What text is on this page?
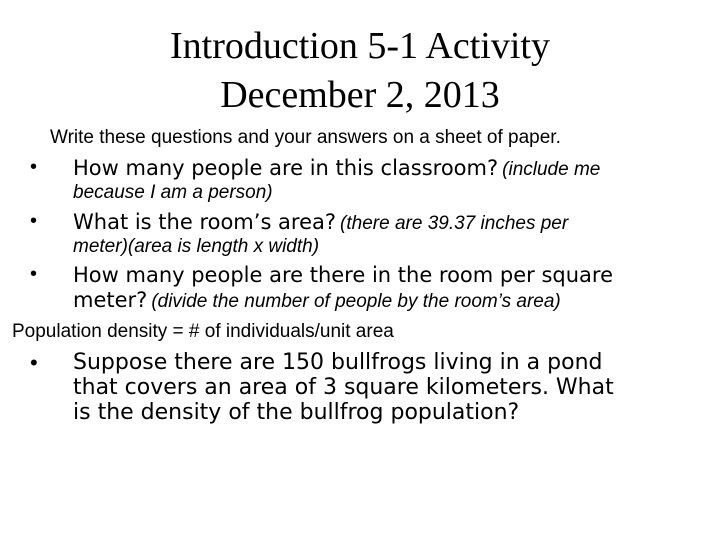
Introduction 5-1 Activity
December 2, 2013
Write these questions and your answers on a sheet of paper.
• How many people are in this classroom? (include me
because I am a person)
• What is the room’s area? (there are 39.37 inches per
meter)(area is length x width)
• How many people are there in the room per square
meter? (divide the number of people by the room’s area)
Population density = # of individuals/unit area
• Suppose there are 150 bullfrogs living in a pond
that covers an area of 3 square kilometers. What
is the density of the bullfrog population?
